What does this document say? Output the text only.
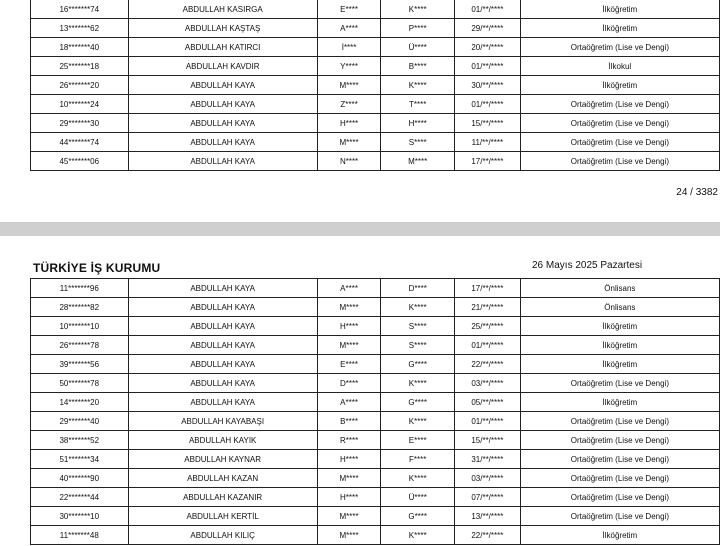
16*******74	ABDULLAH KASIRGA	E****	K****	01/**/****	İlköğretim
13*******62	ABDULLAH KAŞTAŞ	A****	P****	29/**/****	İlköğretim
18*******40	ABDULLAH KATIRCI	İ****	Ü****	20/**/****	Ortaöğretim (Lise ve Dengi)
25*******18	ABDULLAH KAVDIR	Y****	B****	01/**/****	İlkokul
26*******20	ABDULLAH KAYA	M****	K****	30/**/****	İlköğretim
10*******24	ABDULLAH KAYA	Z****	T****	01/**/****	Ortaöğretim (Lise ve Dengi)
29*******30	ABDULLAH KAYA	H****	H****	15/**/****	Ortaöğretim (Lise ve Dengi)
44*******74	ABDULLAH KAYA	M****	S****	11/**/****	Ortaöğretim (Lise ve Dengi)
45*******06	ABDULLAH KAYA	N****	M****	17/**/****	Ortaöğretim (Lise ve Dengi)
24 / 3382
TÜRKİYE İŞ KURUMU	26 Mayıs 2025 Pazartesi
11*******96	ABDULLAH KAYA	A****	D****	17/**/****	Önlisans
28*******82	ABDULLAH KAYA	M****	K****	21/**/****	Önlisans
10*******10	ABDULLAH KAYA	H****	S****	25/**/****	İlköğretim
26*******78	ABDULLAH KAYA	M****	S****	01/**/****	İlköğretim
39*******56	ABDULLAH KAYA	E****	G****	22/**/****	İlköğretim
50*******78	ABDULLAH KAYA	D****	K****	03/**/****	Ortaöğretim (Lise ve Dengi)
14*******20	ABDULLAH KAYA	A****	G****	05/**/****	İlköğretim
29*******40	ABDULLAH KAYABAŞI	B****	K****	01/**/****	Ortaöğretim (Lise ve Dengi)
38*******52	ABDULLAH KAYIK	R****	E****	15/**/****	Ortaöğretim (Lise ve Dengi)
51*******34	ABDULLAH KAYNAR	H****	F****	31/**/****	Ortaöğretim (Lise ve Dengi)
40*******90	ABDULLAH KAZAN	M****	K****	03/**/****	Ortaöğretim (Lise ve Dengi)
22*******44	ABDULLAH KAZANIR	H****	Ü****	07/**/****	Ortaöğretim (Lise ve Dengi)
30*******10	ABDULLAH KERTİL	M****	G****	13/**/****	Ortaöğretim (Lise ve Dengi)
11*******48	ABDULLAH KILIÇ	M****	K****	22/**/****	İlköğretim
